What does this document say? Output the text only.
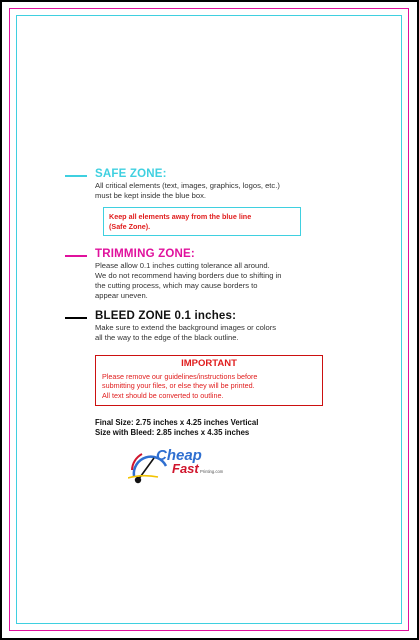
SAFE ZONE:

All critical elements (text, images, graphics, logos, etc.)

must be kept inside the blue box.

Keep all elements away from the blue line
(Safe Zone).
TRIMMING ZONE:

Please allow 0.1 inches cutting tolerance all around.

We do not recommend having borders due to shifting in

the cutting process, which may cause borders to

appear uneven.

BLEED ZONE 0.1 inches:

Make sure to extend the background images or colors

all the way to the edge of the black outline.

IMPORTANT
Please remove our guidelines/instructions before
submitting your files, or else they will be printed.
All text should be converted to outline.
Final Size: 2.75 inches x 4.25 inches Vertical
Size with Bleed: 2.85 inches x 4.35 inches
Cheap
Fast Printing.com
